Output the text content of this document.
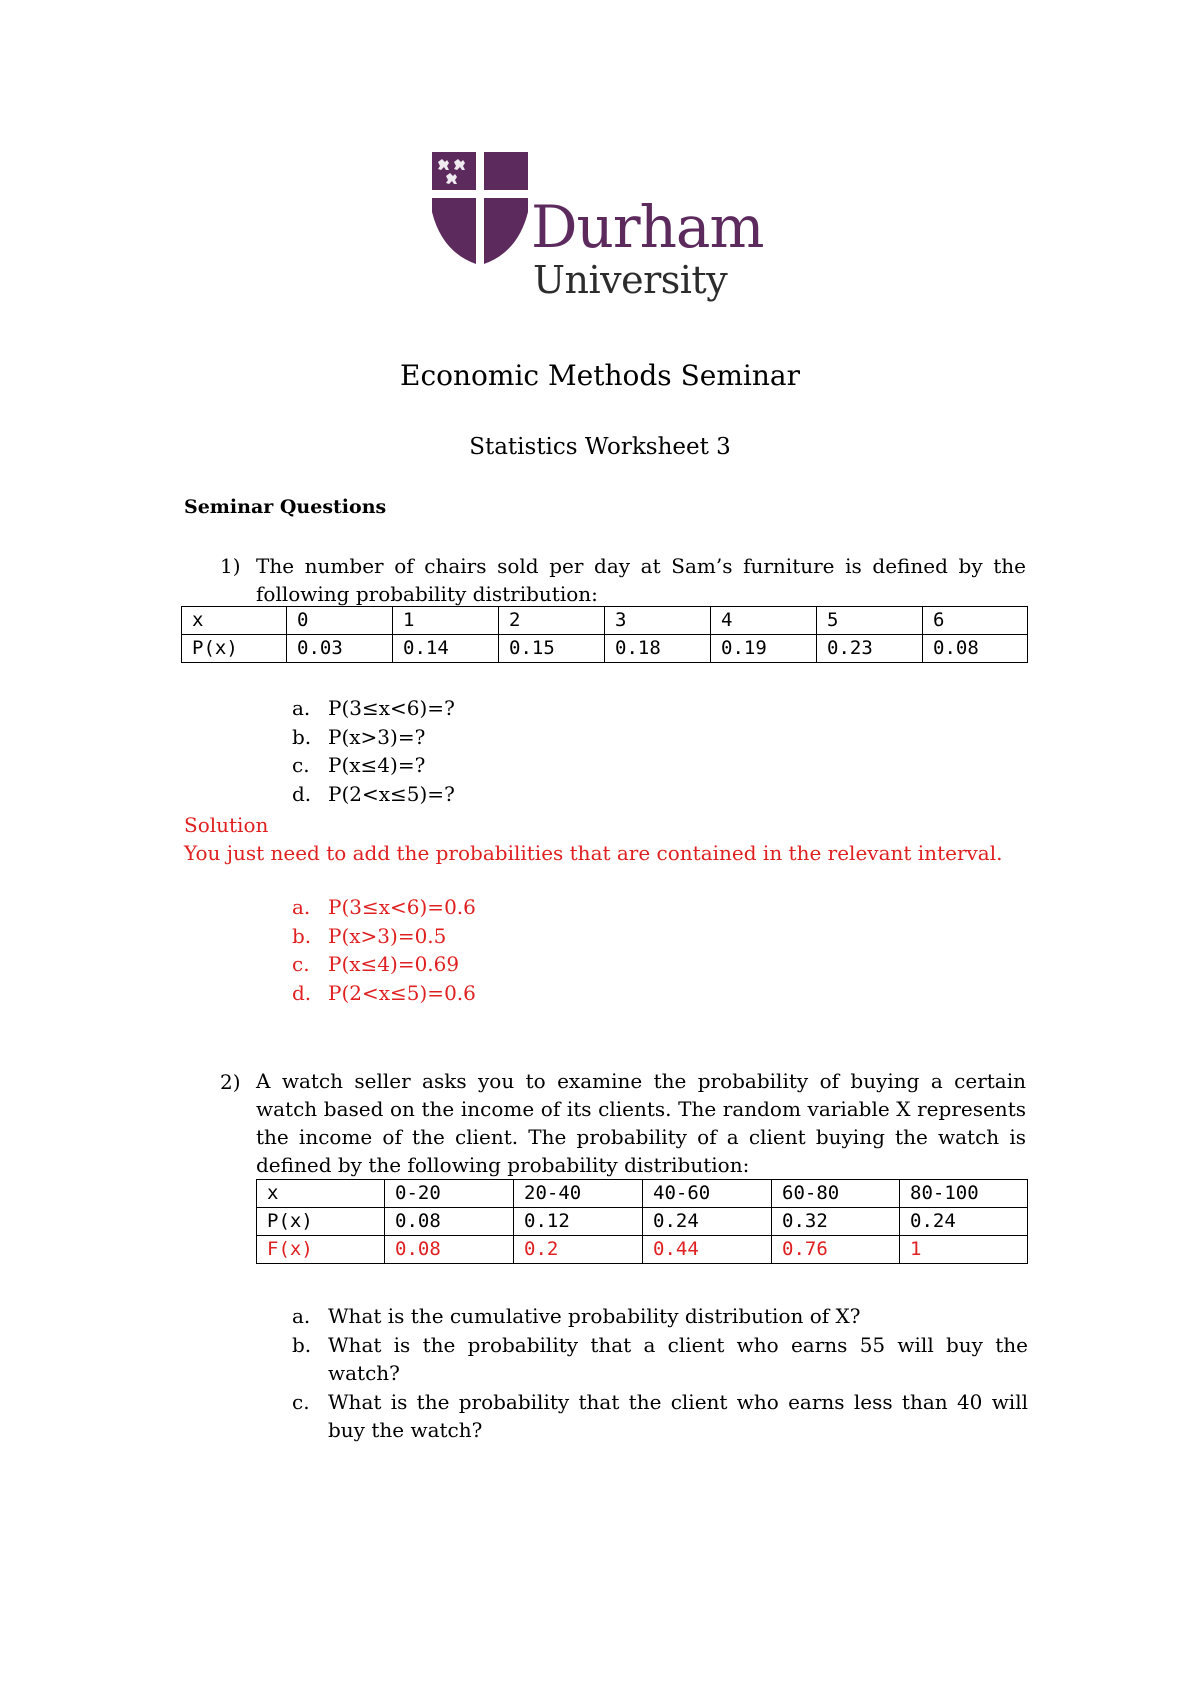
Durham
University
Economic Methods Seminar
Statistics Worksheet 3
Seminar Questions
1) The number of chairs sold per day at Sam’s furniture is defined by the following probability distribution:
x	0	1	2	3	4	5	6
P(x)	0.03	0.14	0.15	0.18	0.19	0.23	0.08
a. P(3≤x<6)=?
b. P(x>3)=?
c. P(x≤4)=?
d. P(2<x≤5)=?
Solution
You just need to add the probabilities that are contained in the relevant interval.
a. P(3≤x<6)=0.6
b. P(x>3)=0.5
c. P(x≤4)=0.69
d. P(2<x≤5)=0.6
2) A watch seller asks you to examine the probability of buying a certain watch based on the income of its clients. The random variable X represents the income of the client. The probability of a client buying the watch is defined by the following probability distribution:
x	0-20	20-40	40-60	60-80	80-100
P(x)	0.08	0.12	0.24	0.32	0.24
F(x)	0.08	0.2	0.44	0.76	1
a. What is the cumulative probability distribution of X?
b. What is the probability that a client who earns 55 will buy the watch?
c. What is the probability that the client who earns less than 40 will buy the watch?
